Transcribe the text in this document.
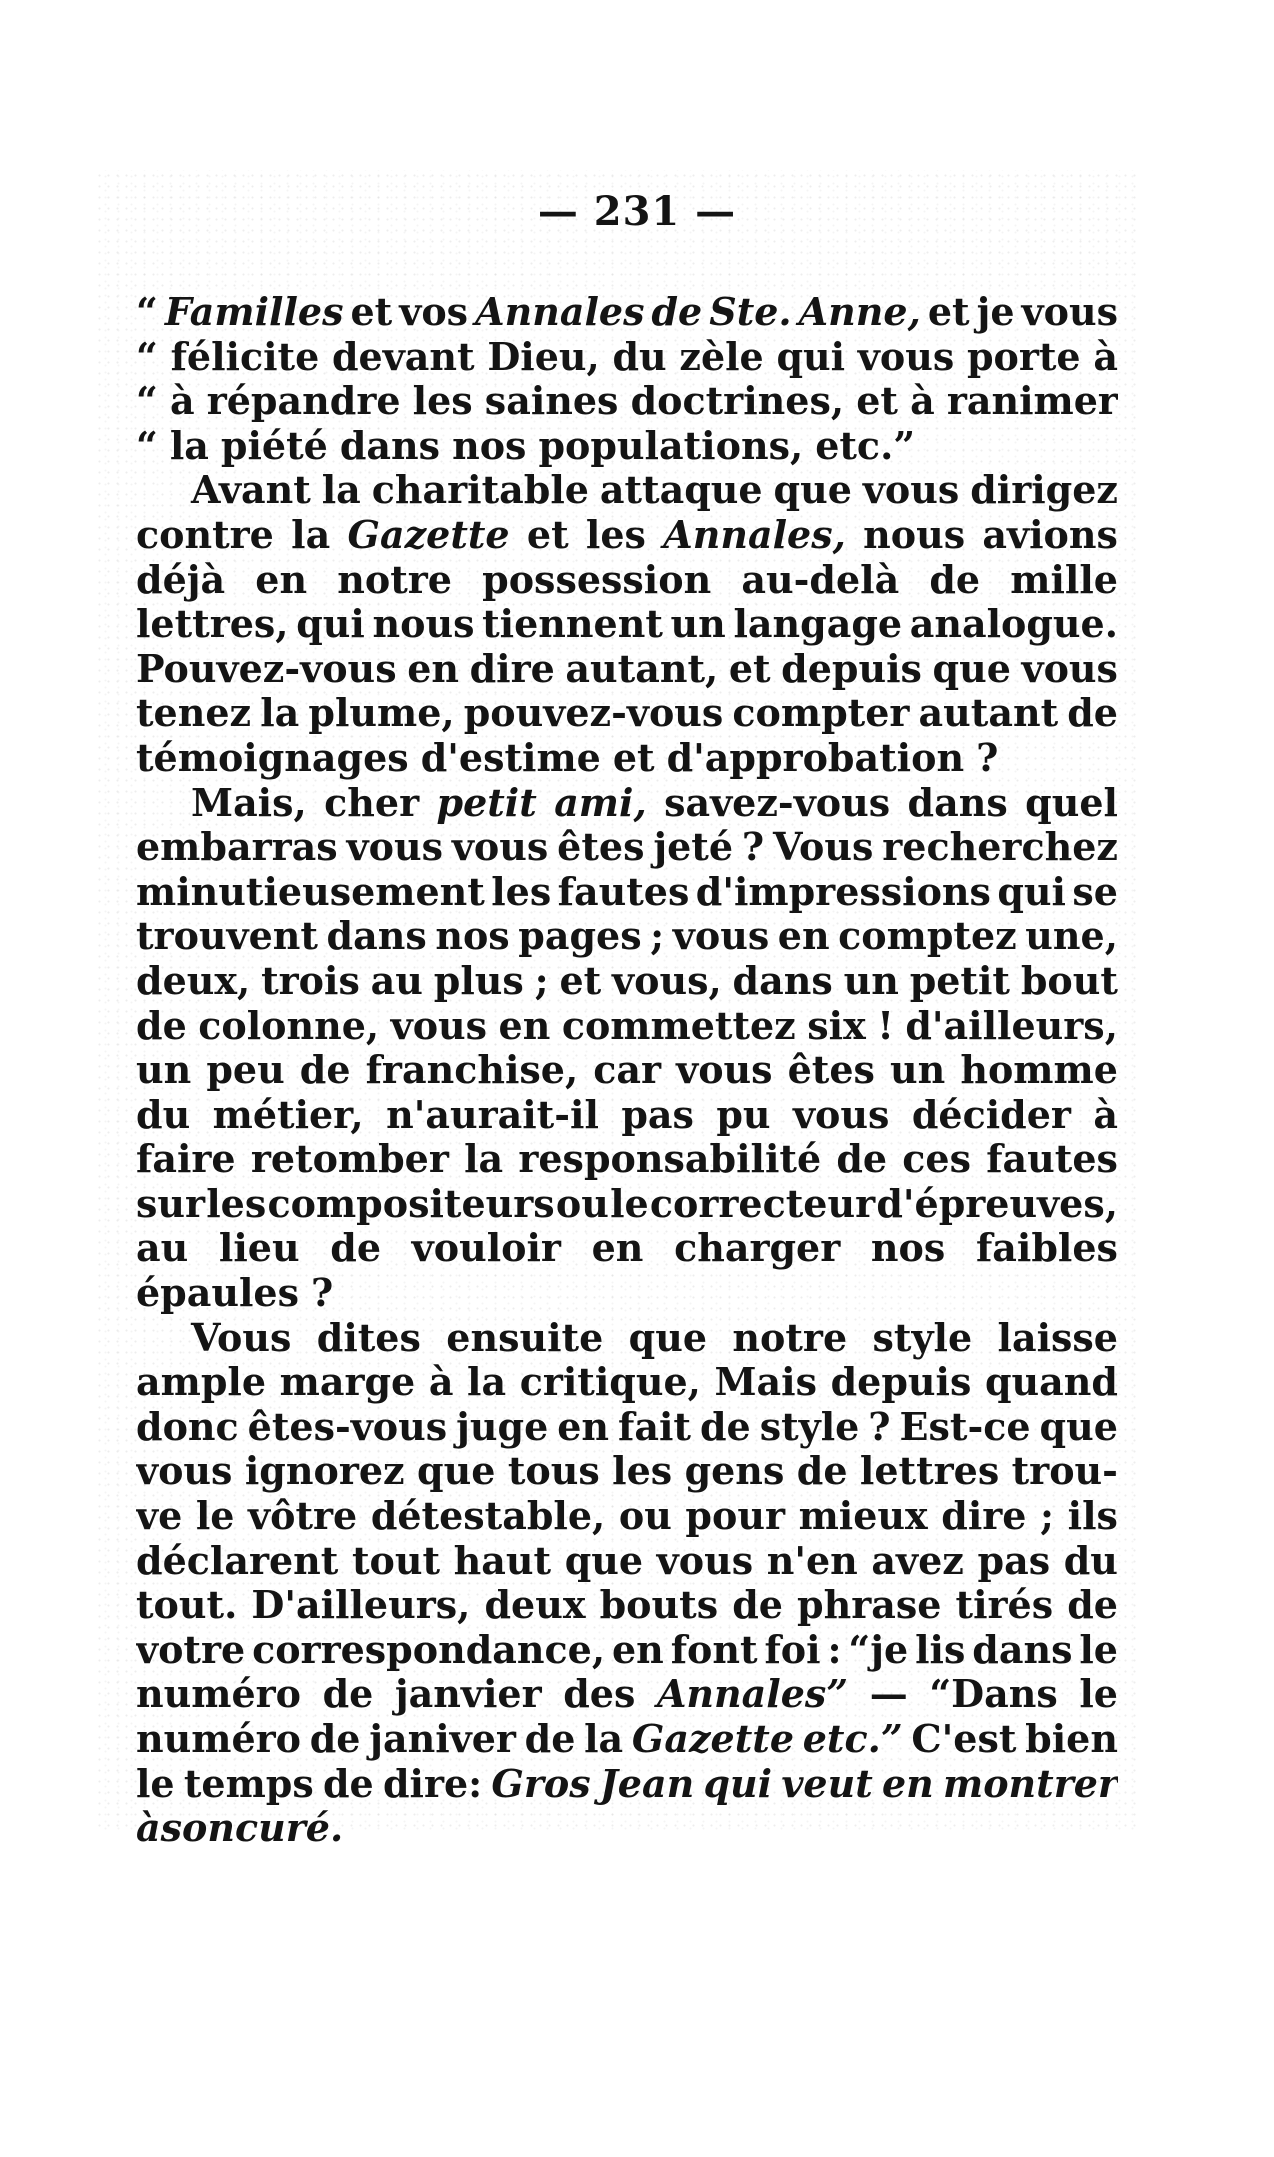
— 231 —
“ Familles et vos Annales de Ste. Anne, et je vous
“ félicite devant Dieu, du zèle qui vous porte à
“ à répandre les saines doctrines, et à ranimer
“ la piété dans nos populations, etc.”
Avant la charitable attaque que vous dirigez
contre la Gazette et les Annales, nous avions
déjà en notre possession au-delà de mille
lettres, qui nous tiennent un langage analogue.
Pouvez-vous en dire autant, et depuis que vous
tenez la plume, pouvez-vous compter autant de
témoignages d'estime et d'approbation ?
Mais, cher petit ami, savez-vous dans quel
embarras vous vous êtes jeté ? Vous recherchez
minutieusement les fautes d'impressions qui se
trouvent dans nos pages ; vous en comptez une,
deux, trois au plus ; et vous, dans un petit bout
de colonne, vous en commettez six ! d'ailleurs,
un peu de franchise, car vous êtes un homme
du métier, n'aurait-il pas pu vous décider à
faire retomber la responsabilité de ces fautes
sur les compositeurs ou le correcteur d'épreuves,
au lieu de vouloir en charger nos faibles
épaules ?
Vous dites ensuite que notre style laisse
ample marge à la critique, Mais depuis quand
donc êtes-vous juge en fait de style ? Est-ce que
vous ignorez que tous les gens de lettres trou-
ve le vôtre détestable, ou pour mieux dire ; ils
déclarent tout haut que vous n'en avez pas du
tout. D'ailleurs, deux bouts de phrase tirés de
votre correspondance, en font foi : “je lis dans le
numéro de janvier des Annales” — “Dans le
numéro de janiver de la Gazette etc.” C'est bien
le temps de dire: Gros Jean qui veut en montrer
à son curé.
